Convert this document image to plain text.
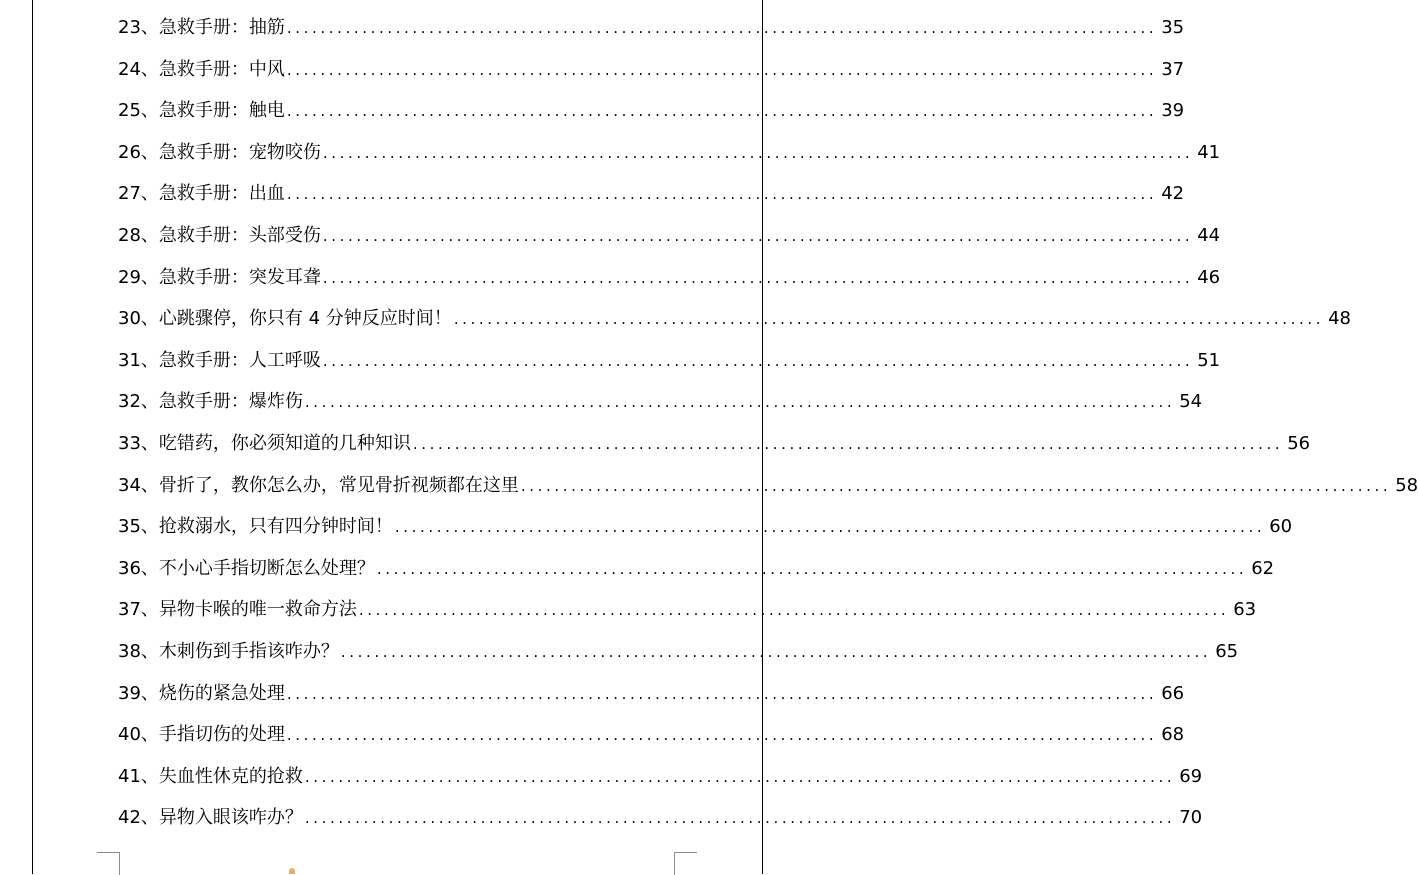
23、急救手册：抽筋 ........................................................................................................ 35
24、急救手册：中风 ........................................................................................................ 37
25、急救手册：触电 ........................................................................................................ 39
26、急救手册：宠物咬伤 ........................................................................................................ 41
27、急救手册：出血 ........................................................................................................ 42
28、急救手册：头部受伤 ........................................................................................................ 44
29、急救手册：突发耳聋 ........................................................................................................ 46
30、心跳骤停，你只有 4 分钟反应时间！ ........................................................................................................ 48
31、急救手册：人工呼吸 ........................................................................................................ 51
32、急救手册：爆炸伤 ........................................................................................................ 54
33、吃错药，你必须知道的几种知识 ........................................................................................................ 56
34、骨折了，教你怎么办，常见骨折视频都在这里 ........................................................................................................ 58
35、抢救溺水，只有四分钟时间！ ........................................................................................................ 60
36、不小心手指切断怎么处理？ ........................................................................................................ 62
37、异物卡喉的唯一救命方法 ........................................................................................................ 63
38、木刺伤到手指该咋办？ ........................................................................................................ 65
39、烧伤的紧急处理 ........................................................................................................ 66
40、手指切伤的处理 ........................................................................................................ 68
41、失血性休克的抢救 ........................................................................................................ 69
42、异物入眼该咋办？ ........................................................................................................ 70
